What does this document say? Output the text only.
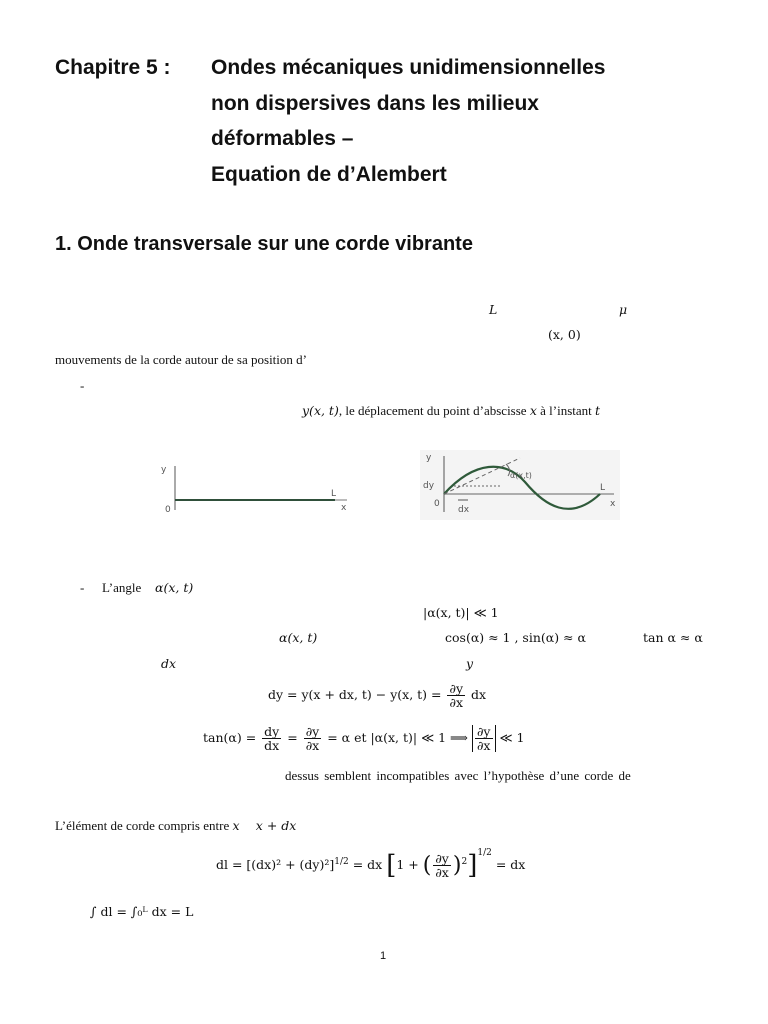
Chapitre 5 : Ondes mécaniques unidimensionnelles
non dispersives dans les milieux
déformables –
Equation de d’Alembert
1. Onde transversale sur une corde vibrante
L	μ
(x, 0)
mouvements de la corde autour de sa position d’
-
y(x, t), le déplacement du point d’abscisse x à l’instant t
y
0
L
x
α(x,t)
y
dy
0
dx
L
x
- L’angle α(x, t)
|α(x, t)| ≪ 1
α(x, t)	cos(α) ≈ 1 , sin(α) ≈ α	tan α ≈ α
dx	y
dy = y(x + dx, t) − y(x, $t) = \frac{\partial y}{\partial x}$ dx
$\tan(\alpha) = \frac{dy}{dx} = \frac{\partial y}{\partial x} = \alpha$ et |α(x, t)| ≪ 1 ⟹ $\frac{\partial y}{\partial x}$ ≪ 1
dessus semblent incompatibles avec l’hypothèse d’une corde de
L’élément de corde compris entre x x + dx
dl = $[(dx)^2 + (dy)^2]^{1/2}$ = dx [1 + ( $\frac{\partial y}{\partial x} )^2]^{1/2}$ = dx
∫ dl = ∫₀ᴸ dx = L
1
